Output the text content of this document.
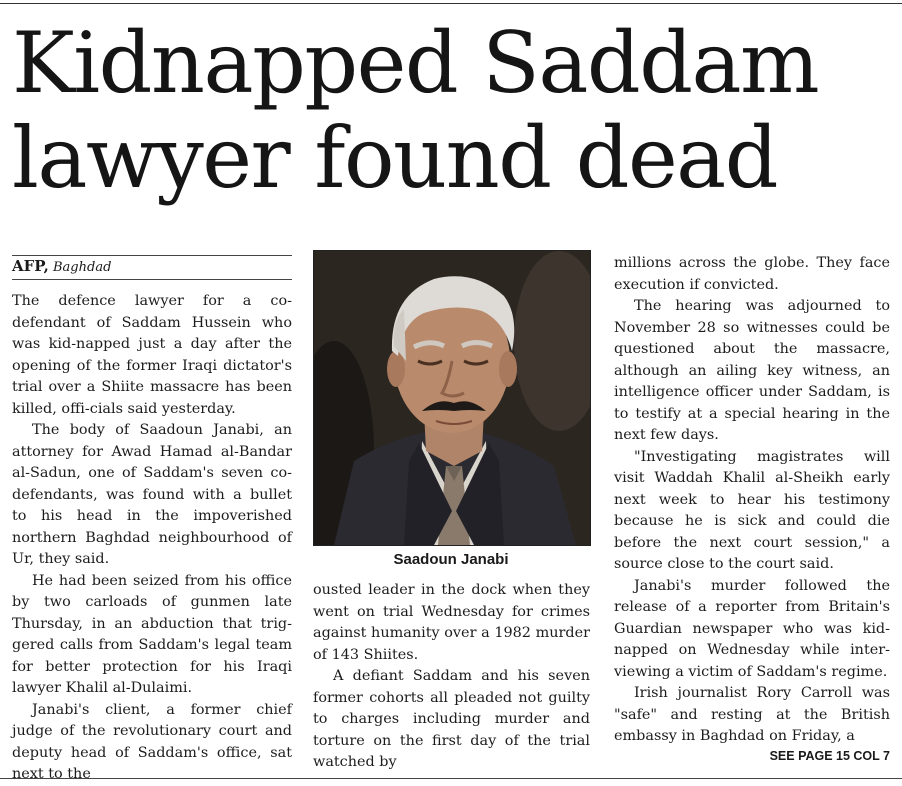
Kidnapped Saddam lawyer found dead
AFP, Baghdad

The defence lawyer for a co-defendant of Saddam Hussein who was kid-napped just a day after the opening of the former Iraqi dictator's trial over a Shiite massacre has been killed, offi-cials said yesterday.

The body of Saadoun Janabi, an attorney for Awad Hamad al-Bandar al-Sadun, one of Saddam's seven co-defendants, was found with a bullet to his head in the impoverished northern Baghdad neighbourhood of Ur, they said.

He had been seized from his office by two carloads of gunmen late Thursday, in an abduction that trig-gered calls from Saddam's legal team for better protection for his Iraqi lawyer Khalil al-Dulaimi.

Janabi's client, a former chief judge of the revolutionary court and deputy head of Saddam's office, sat next to the

Saadoun Janabi

ousted leader in the dock when they went on trial Wednesday for crimes against humanity over a 1982 murder of 143 Shiites.

A defiant Saddam and his seven former cohorts all pleaded not guilty to charges including murder and torture on the first day of the trial watched by

millions across the globe. They face execution if convicted.

The hearing was adjourned to November 28 so witnesses could be questioned about the massacre, although an ailing key witness, an intelligence officer under Saddam, is to testify at a special hearing in the next few days.

"Investigating magistrates will visit Waddah Khalil al-Sheikh early next week to hear his testimony because he is sick and could die before the next court session," a source close to the court said.

Janabi's murder followed the release of a reporter from Britain's Guardian newspaper who was kid-napped on Wednesday while inter-viewing a victim of Saddam's regime.

Irish journalist Rory Carroll was "safe" and resting at the British embassy in Baghdad on Friday, a

SEE PAGE 15 COL 7
